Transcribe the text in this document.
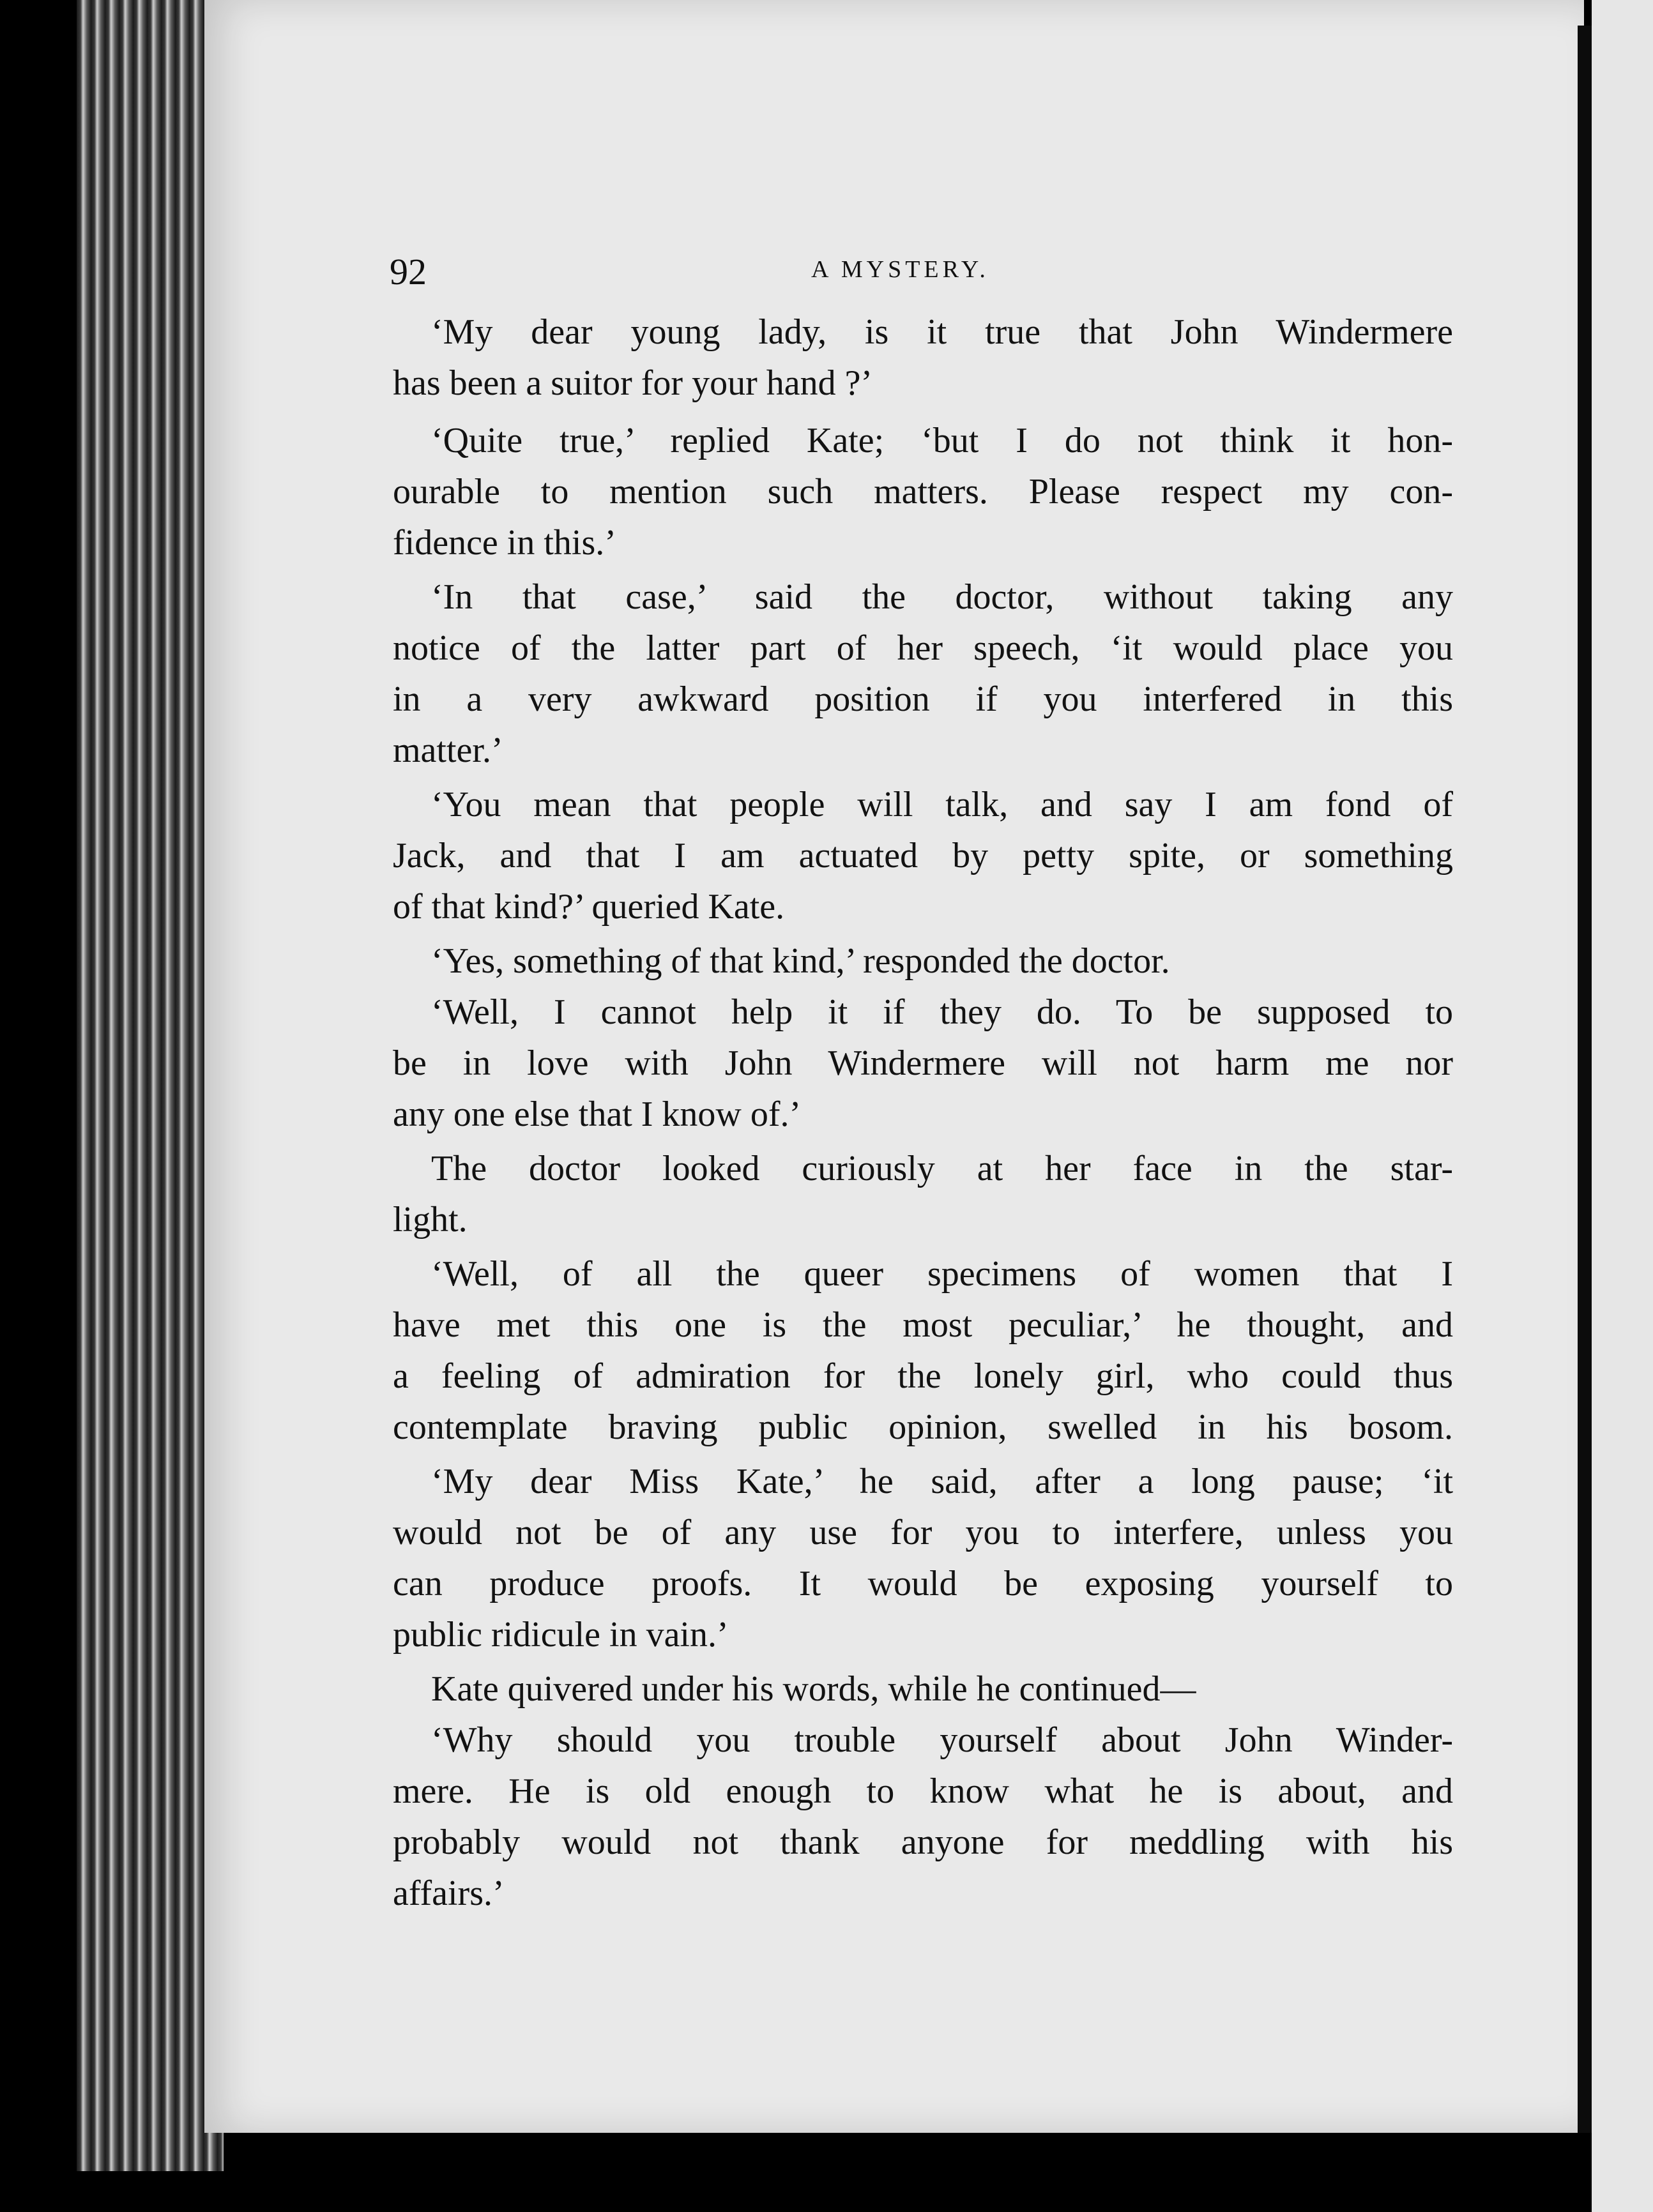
92	A MYSTERY.
‘My dear young lady, is it true that John Windermere
has been a suitor for your hand ?’
‘Quite true,’ replied Kate; ‘but I do not think it hon-
ourable to mention such matters. Please respect my con-
fidence in this.’
‘In that case,’ said the doctor, without taking any
notice of the latter part of her speech, ‘it would place you
in a very awkward position if you interfered in this
matter.’
‘You mean that people will talk, and say I am fond of
Jack, and that I am actuated by petty spite, or something
of that kind?’ queried Kate.
‘Yes, something of that kind,’ responded the doctor.
‘Well, I cannot help it if they do. To be supposed to
be in love with John Windermere will not harm me nor
any one else that I know of.’
The doctor looked curiously at her face in the star-
light.
‘Well, of all the queer specimens of women that I
have met this one is the most peculiar,’ he thought, and
a feeling of admiration for the lonely girl, who could thus
contemplate braving public opinion, swelled in his bosom.
‘My dear Miss Kate,’ he said, after a long pause; ‘it
would not be of any use for you to interfere, unless you
can produce proofs. It would be exposing yourself to
public ridicule in vain.’
Kate quivered under his words, while he continued—
‘Why should you trouble yourself about John Winder-
mere. He is old enough to know what he is about, and
probably would not thank anyone for meddling with his
affairs.’
